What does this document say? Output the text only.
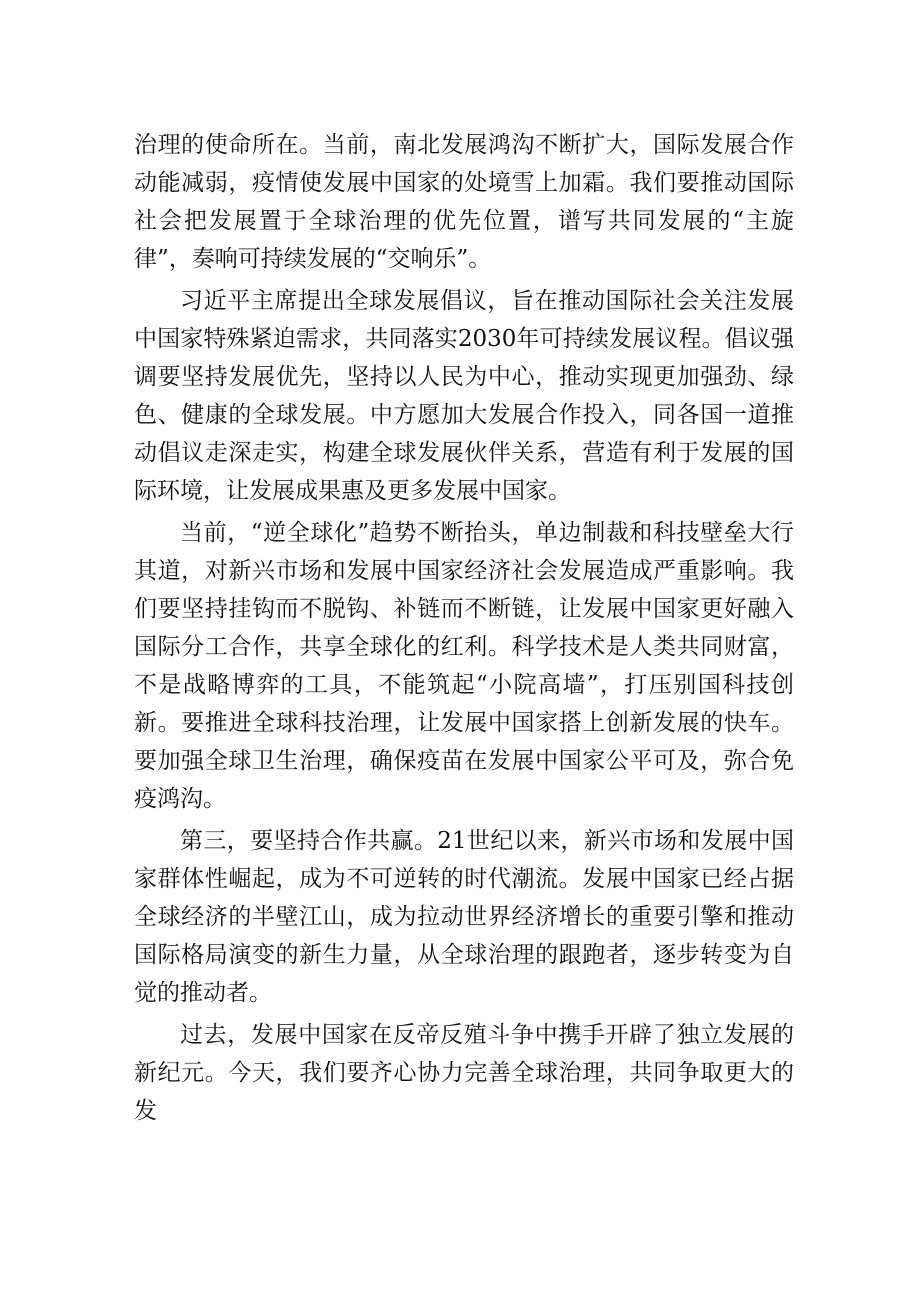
治理的使命所在。当前，南北发展鸿沟不断扩大，国际发展合作动能减弱，疫情使发展中国家的处境雪上加霜。我们要推动国际社会把发展置于全球治理的优先位置，谱写共同发展的“主旋律”，奏响可持续发展的“交响乐”。

习近平主席提出全球发展倡议，旨在推动国际社会关注发展中国家特殊紧迫需求，共同落实2030年可持续发展议程。倡议强调要坚持发展优先，坚持以人民为中心，推动实现更加强劲、绿色、健康的全球发展。中方愿加大发展合作投入，同各国一道推动倡议走深走实，构建全球发展伙伴关系，营造有利于发展的国际环境，让发展成果惠及更多发展中国家。

当前，“逆全球化”趋势不断抬头，单边制裁和科技壁垒大行其道，对新兴市场和发展中国家经济社会发展造成严重影响。我们要坚持挂钩而不脱钩、补链而不断链，让发展中国家更好融入国际分工合作，共享全球化的红利。科学技术是人类共同财富，不是战略博弈的工具，不能筑起“小院高墙”，打压别国科技创新。要推进全球科技治理，让发展中国家搭上创新发展的快车。要加强全球卫生治理，确保疫苗在发展中国家公平可及，弥合免疫鸿沟。

第三，要坚持合作共赢。21世纪以来，新兴市场和发展中国家群体性崛起，成为不可逆转的时代潮流。发展中国家已经占据全球经济的半壁江山，成为拉动世界经济增长的重要引擎和推动国际格局演变的新生力量，从全球治理的跟跑者，逐步转变为自觉的推动者。

过去，发展中国家在反帝反殖斗争中携手开辟了独立发展的新纪元。今天，我们要齐心协力完善全球治理，共同争取更大的发
